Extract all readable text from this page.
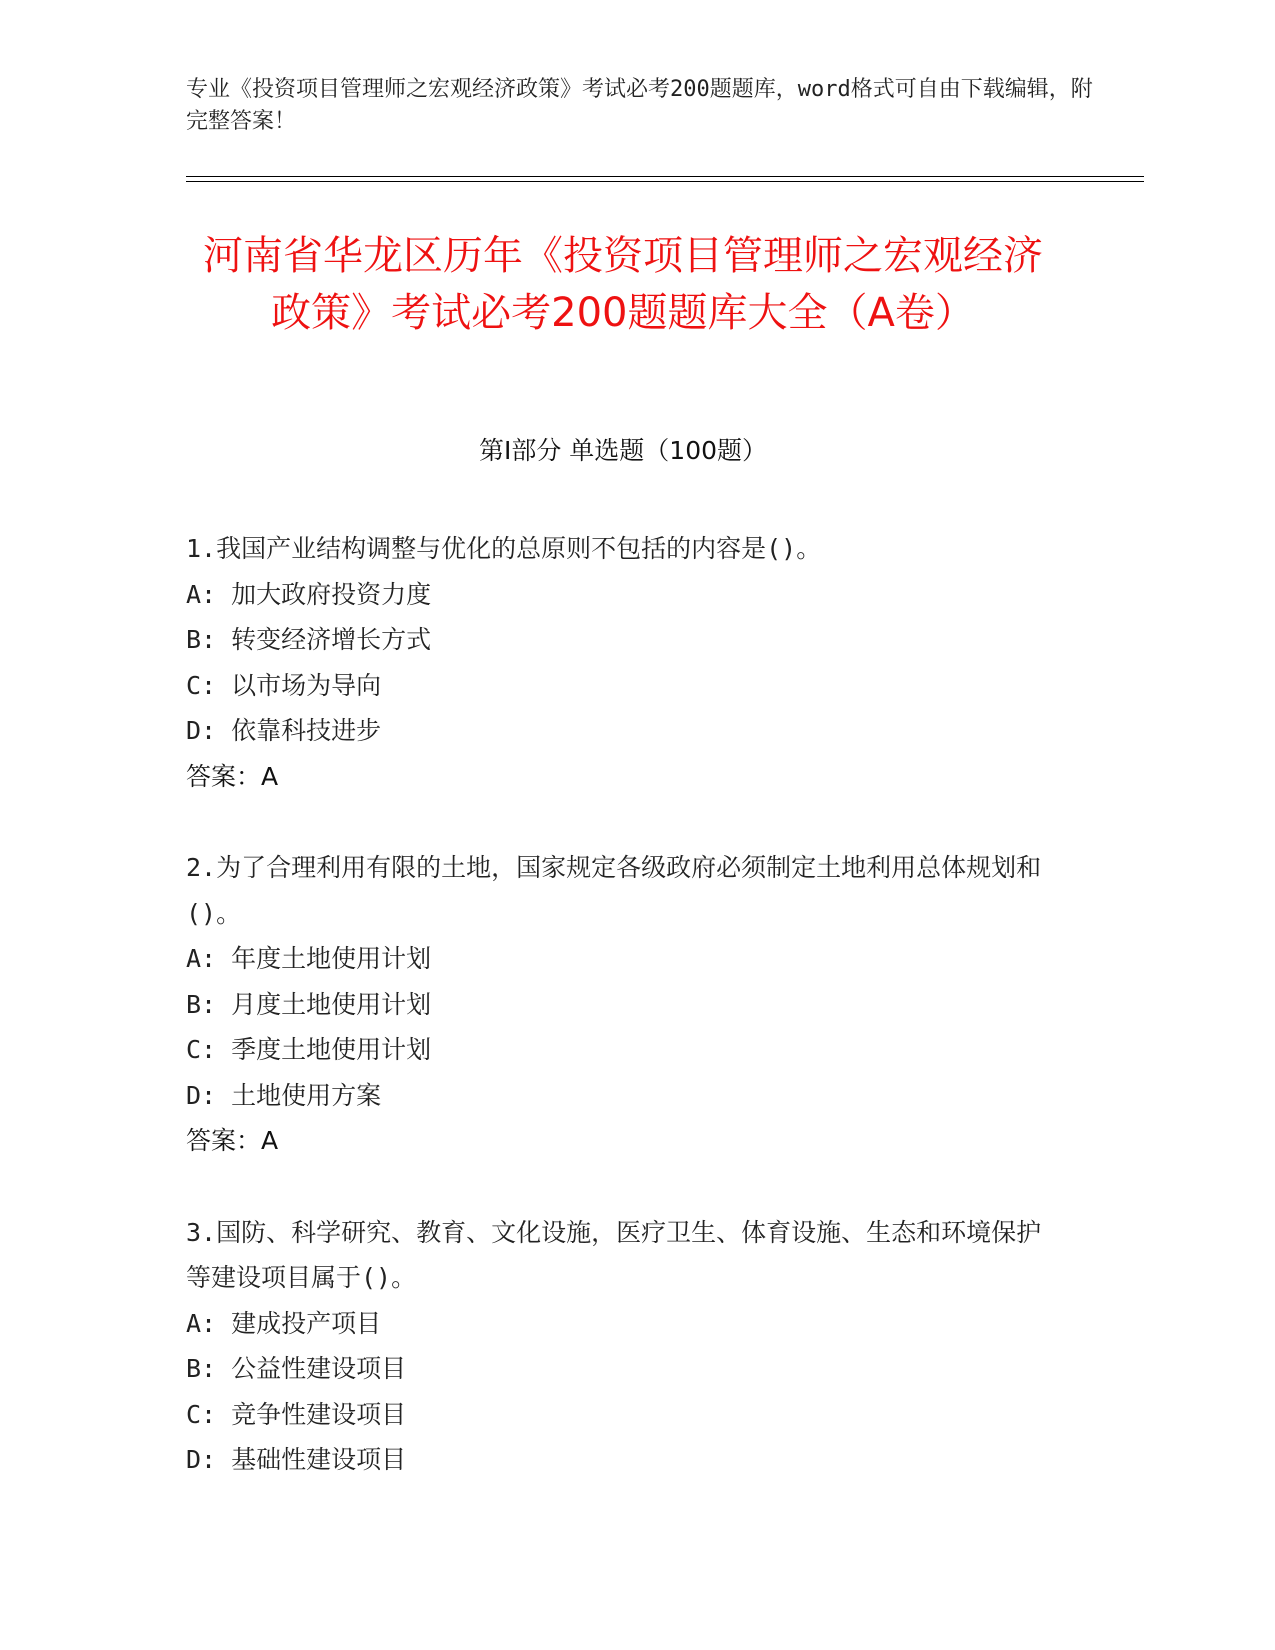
专业《投资项目管理师之宏观经济政策》考试必考200题题库，word格式可自由下载编辑，附完整答案！
河南省华龙区历年《投资项目管理师之宏观经济政策》考试必考200题题库大全（A卷）
第I部分 单选题（100题）
1.我国产业结构调整与优化的总原则不包括的内容是()。
A: 加大政府投资力度
B: 转变经济增长方式
C: 以市场为导向
D: 依靠科技进步
答案：A
2.为了合理利用有限的土地，国家规定各级政府必须制定土地利用总体规划和()。
A: 年度土地使用计划
B: 月度土地使用计划
C: 季度土地使用计划
D: 土地使用方案
答案：A
3.国防、科学研究、教育、文化设施，医疗卫生、体育设施、生态和环境保护等建设项目属于()。
A: 建成投产项目
B: 公益性建设项目
C: 竞争性建设项目
D: 基础性建设项目
